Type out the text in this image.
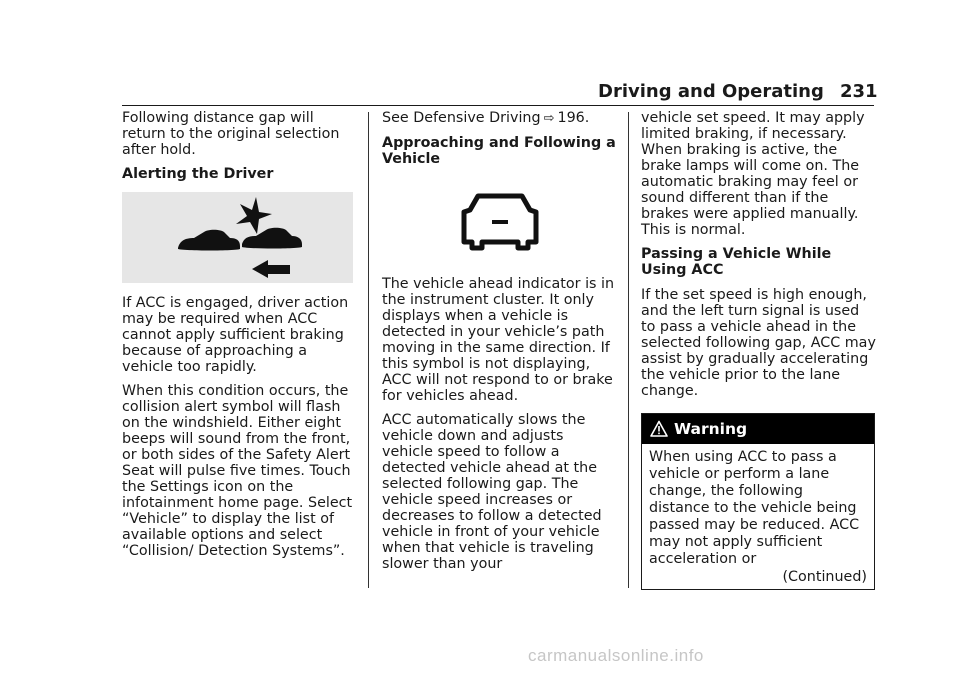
Driving and Operating 231

Following distance gap will return to the original selection after hold.

Alerting the Driver

If ACC is engaged, driver action may be required when ACC cannot apply sufficient braking because of approaching a vehicle too rapidly.

When this condition occurs, the collision alert symbol will flash on the windshield. Either eight beeps will sound from the front, or both sides of the Safety Alert Seat will pulse five times. Touch the Settings icon on the infotainment home page. Select “Vehicle” to display the list of available options and select “Collision/ Detection Systems”.

See Defensive Driving ⇨ 196.

Approaching and Following a Vehicle

The vehicle ahead indicator is in the instrument cluster. It only displays when a vehicle is detected in your vehicle’s path moving in the same direction. If this symbol is not displaying, ACC will not respond to or brake for vehicles ahead.

ACC automatically slows the vehicle down and adjusts vehicle speed to follow a detected vehicle ahead at the selected following gap. The vehicle speed increases or decreases to follow a detected vehicle in front of your vehicle when that vehicle is traveling slower than your

vehicle set speed. It may apply limited braking, if necessary. When braking is active, the brake lamps will come on. The automatic braking may feel or sound different than if the brakes were applied manually. This is normal.

Passing a Vehicle While Using ACC

If the set speed is high enough, and the left turn signal is used to pass a vehicle ahead in the selected following gap, ACC may assist by gradually accelerating the vehicle prior to the lane change.

Warning
When using ACC to pass a vehicle or perform a lane change, the following distance to the vehicle being passed may be reduced. ACC may not apply sufficient acceleration or
(Continued)
carmanualsonline.info
